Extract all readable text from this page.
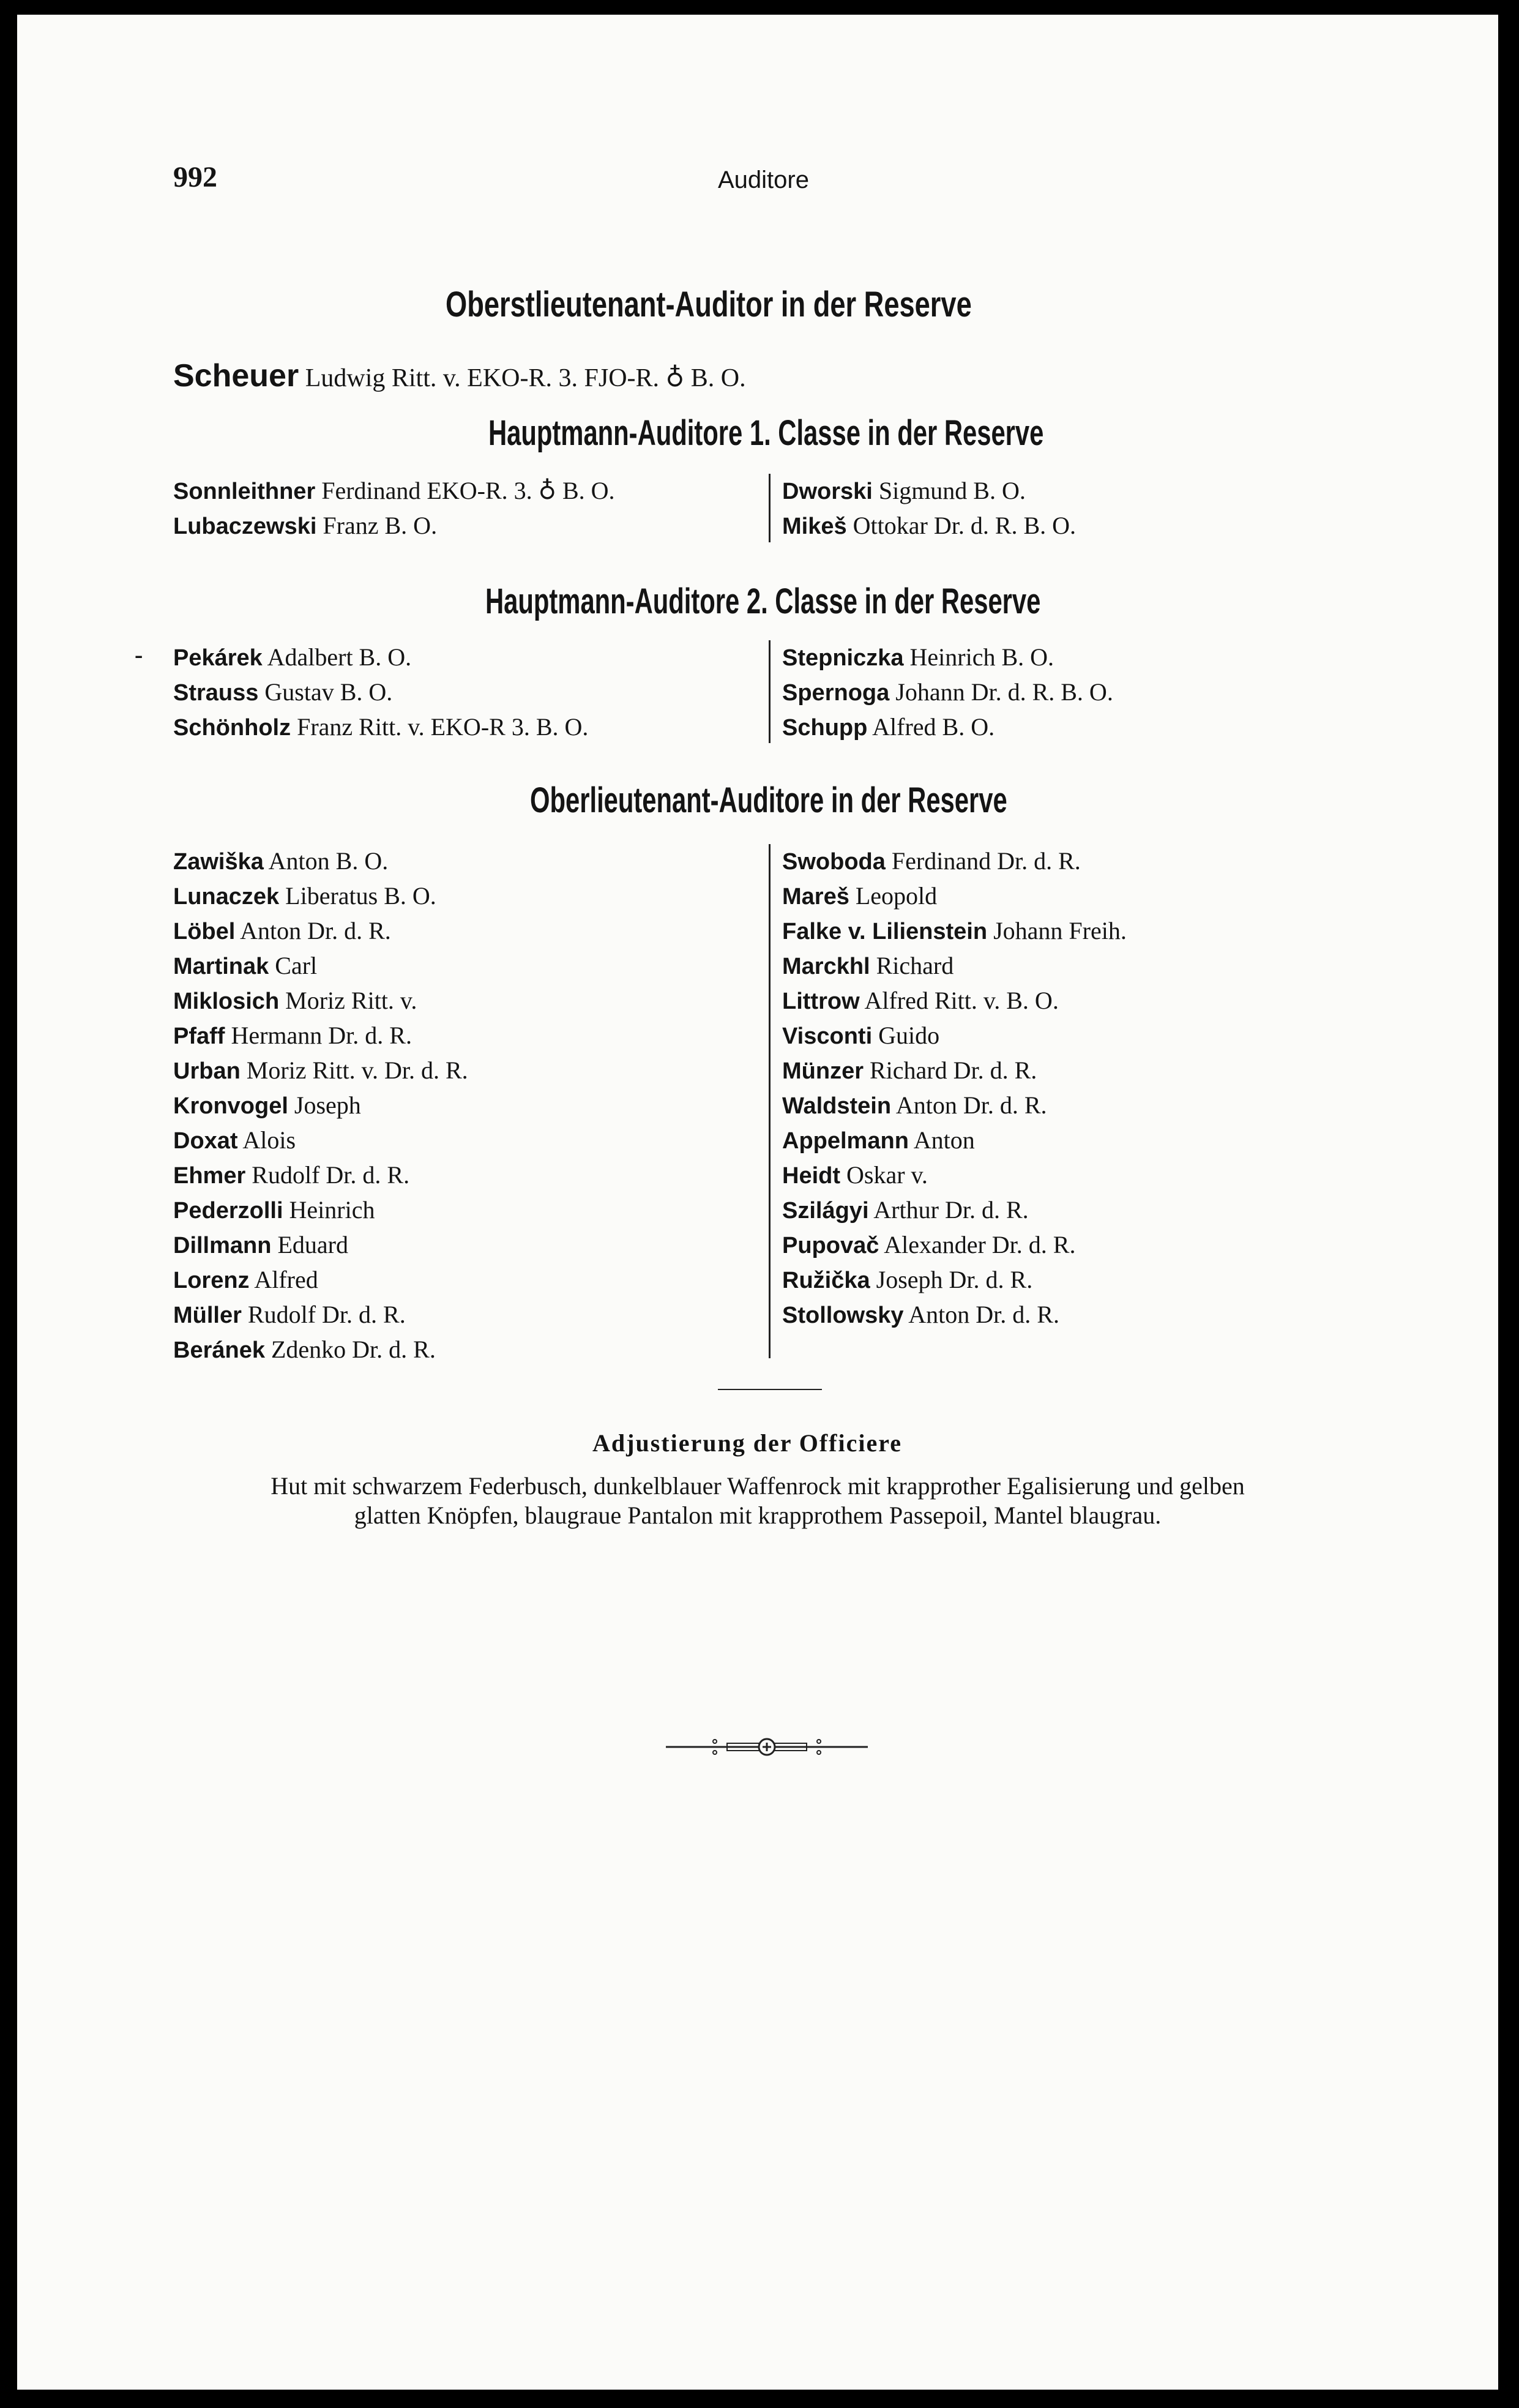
992	Auditore
Oberstlieutenant-Auditor in der Reserve
Scheuer Ludwig Ritt. v. EKO-R. 3. FJO-R. ♁ B. O.
Hauptmann-Auditore 1. Classe in der Reserve
Sonnleithner Ferdinand EKO-R. 3. ♁ B. O.
Lubaczewski Franz B. O.
Dworski Sigmund B. O.
Mikeš Ottokar Dr. d. R. B. O.
Hauptmann-Auditore 2. Classe in der Reserve
- Pekárek Adalbert B. O.
Strauss Gustav B. O.
Schönholz Franz Ritt. v. EKO-R 3. B. O.
Stepniczka Heinrich B. O.
Spernoga Johann Dr. d. R. B. O.
Schupp Alfred B. O.
Oberlieutenant-Auditore in der Reserve
Zawiška Anton B. O.
Lunaczek Liberatus B. O.
Löbel Anton Dr. d. R.
Martinak Carl
Miklosich Moriz Ritt. v.
Pfaff Hermann Dr. d. R.
Urban Moriz Ritt. v. Dr. d. R.
Kronvogel Joseph
Doxat Alois
Ehmer Rudolf Dr. d. R.
Pederzolli Heinrich
Dillmann Eduard
Lorenz Alfred
Müller Rudolf Dr. d. R.
Beránek Zdenko Dr. d. R.
Swoboda Ferdinand Dr. d. R.
Mareš Leopold
Falke v. Lilienstein Johann Freih.
Marckhl Richard
Littrow Alfred Ritt. v. B. O.
Visconti Guido
Münzer Richard Dr. d. R.
Waldstein Anton Dr. d. R.
Appelmann Anton
Heidt Oskar v.
Szilágyi Arthur Dr. d. R.
Pupovač Alexander Dr. d. R.
Ružička Joseph Dr. d. R.
Stollowsky Anton Dr. d. R.
Adjustierung der Officiere
Hut mit schwarzem Federbusch, dunkelblauer Waffenrock mit krapprother Egalisierung und gelben
glatten Knöpfen, blaugraue Pantalon mit krapprothem Passepoil, Mantel blaugrau.
